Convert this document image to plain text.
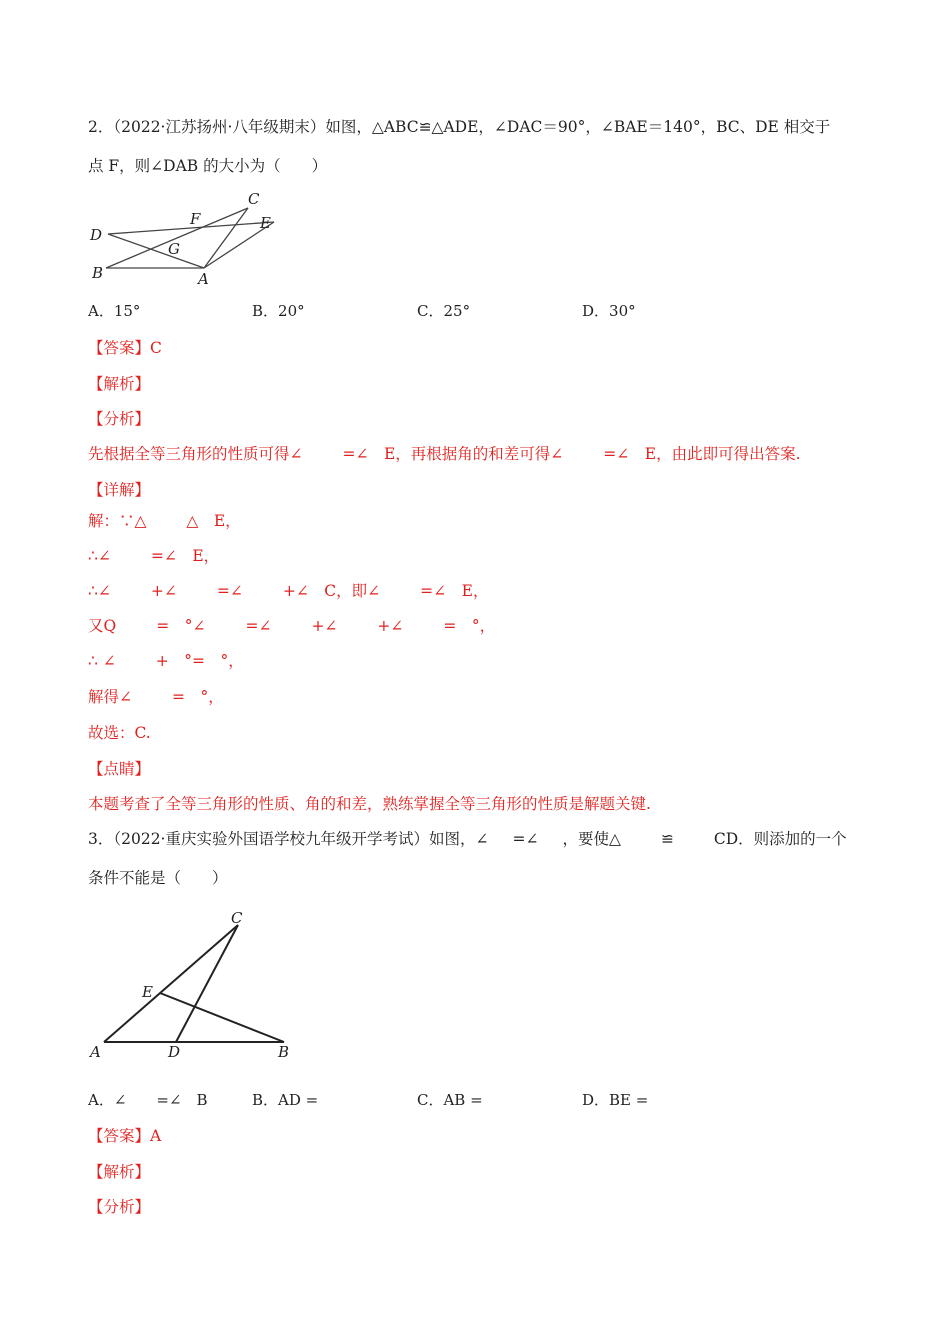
2．（2022·江苏扬州·八年级期末）如图，△ABC≌△ADE，∠DAC＝90°，∠BAE＝140°，BC、DE 相交于
点 F，则∠DAB 的大小为（　　）
D
F
C
E
G
B	A
A．15°	B．20°	C．25°	D．30°
【答案】C
【解析】
【分析】
先根据全等三角形的性质可得∠	=∠　E，再根据角的和差可得∠	=∠　E，由此即可得出答案.
【详解】
解：∵△	△　E，
∴∠	=∠　E，
∴∠	+∠	=∠	+∠　C，即∠	=∠　E，
又Q	=　°∠	=∠	+∠	+∠	=　°，
∴ ∠	+　°=　°，
解得∠	=　°，
故选：C.
【点睛】
本题考查了全等三角形的性质、角的和差，熟练掌握全等三角形的性质是解题关键.
3．（2022·重庆实验外国语学校九年级开学考试）如图，∠ =∠ ，要使△	≌	CD．则添加的一个
条件不能是（　　）
C
E
A	D	B
A．∠　　=∠　B	B．AD =	C．AB =	D．BE =
【答案】A
【解析】
【分析】
